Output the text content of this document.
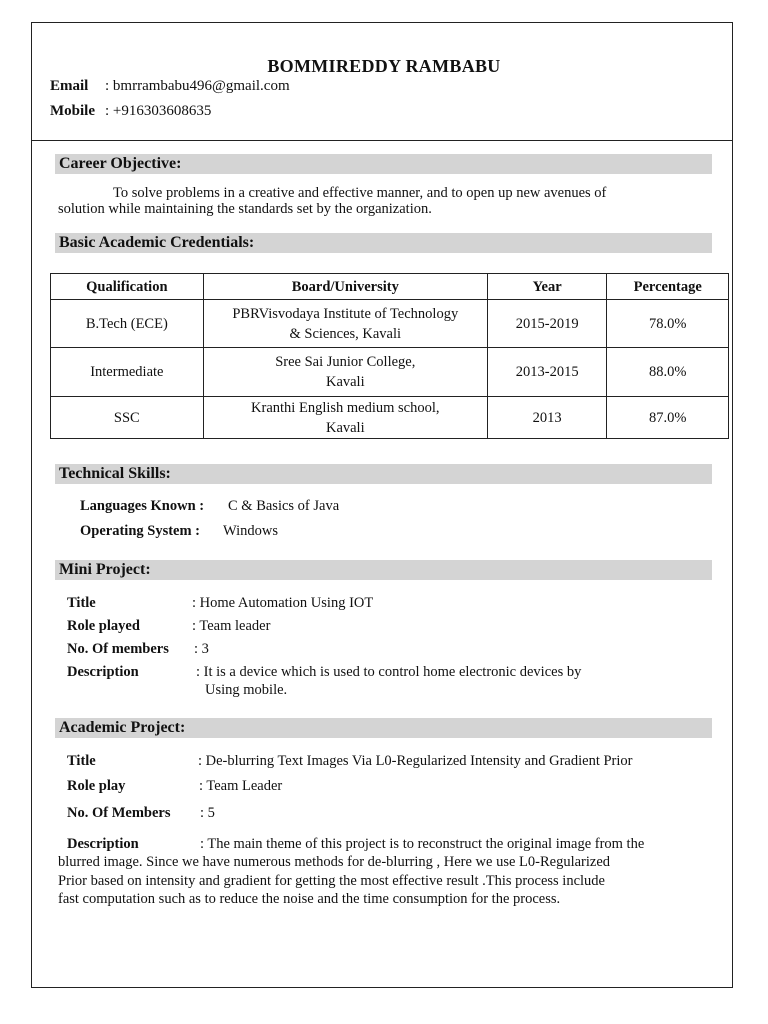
BOMMIREDDY RAMBABU
Email : bmrrambabu496@gmail.com
Mobile : +916303608635
Career Objective:
To solve problems in a creative and effective manner, and to open up new avenues of
solution while maintaining the standards set by the organization.
Basic Academic Credentials:
Qualification	Board/University	Year	Percentage
B.Tech (ECE)	PBRVisvodaya Institute of Technology
& Sciences, Kavali	2015-2019	78.0%
Intermediate	Sree Sai Junior College,
Kavali	2013-2015	88.0%
SSC	Kranthi English medium school,
Kavali	2013	87.0%
Technical Skills:
Languages Known : C & Basics of Java
Operating System : Windows
Mini Project:
Title	: Home Automation Using IOT
Role played	: Team leader
No. Of members : 3
Description	: It is a device which is used to control home electronic devices by
Using mobile.
Academic Project:
Title	: De-blurring Text Images Via L0-Regularized Intensity and Gradient Prior
Role play	: Team Leader
No. Of Members : 5
Description	: The main theme of this project is to reconstruct the original image from the
blurred image. Since we have numerous methods for de-blurring , Here we use L0-Regularized
Prior based on intensity and gradient for getting the most effective result .This process include
fast computation such as to reduce the noise and the time consumption for the process.
